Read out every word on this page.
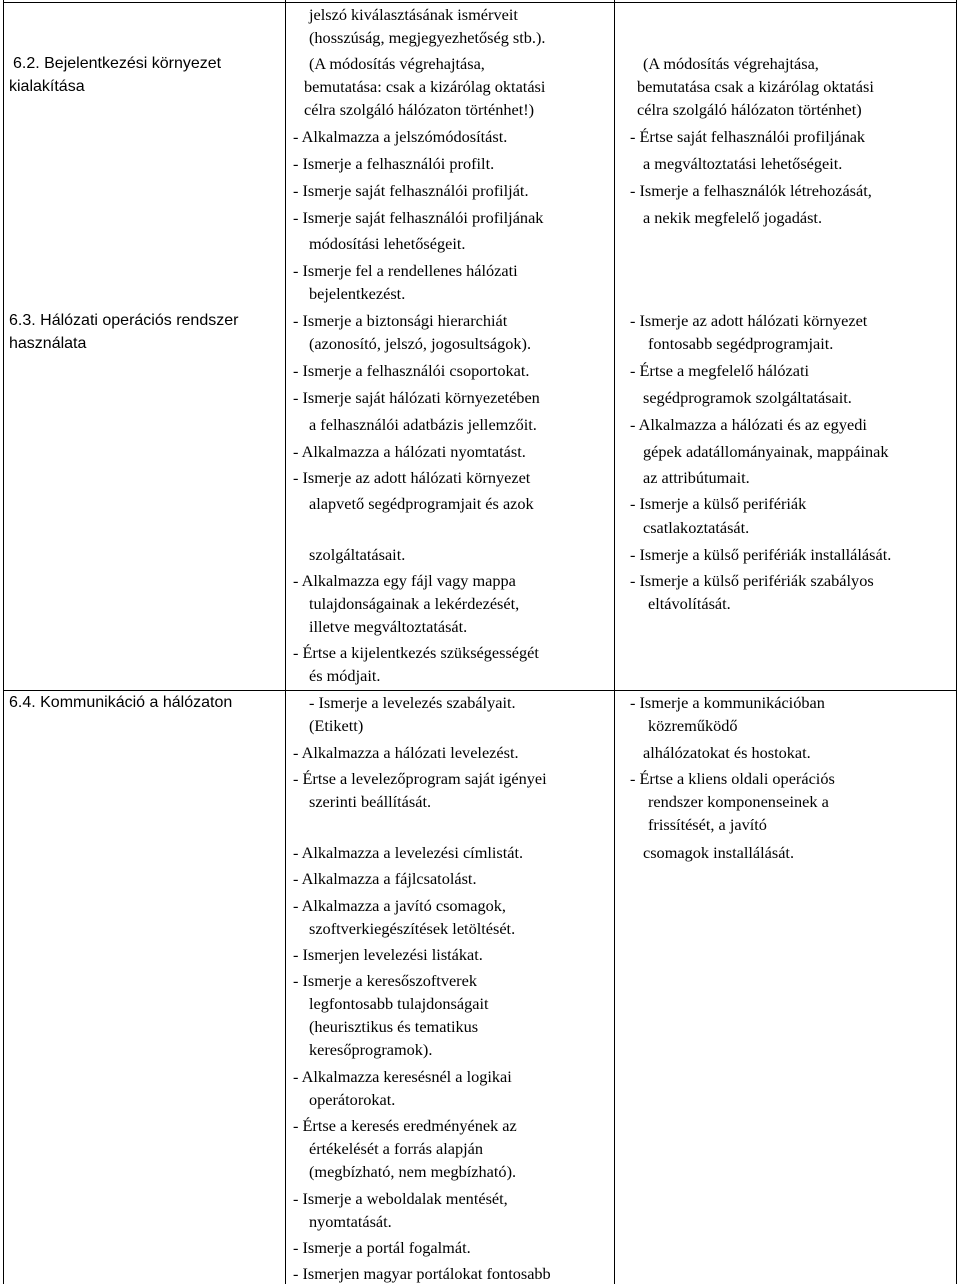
6.2. Bejelentkezési környezet
kialakítása
jelszó kiválasztásának ismérveit
(hosszúság, megjegyezhetőség stb.).
(A módosítás végrehajtása,
bemutatása: csak a kizárólag oktatási
célra szolgáló hálózaton történhet!)
- Alkalmazza a jelszómódosítást.
- Ismerje a felhasználói profilt.
- Ismerje saját felhasználói profilját.
- Ismerje saját felhasználói profiljának
módosítási lehetőségeit.
- Ismerje fel a rendellenes hálózati
bejelentkezést.
(A módosítás végrehajtása,
bemutatása csak a kizárólag oktatási
célra szolgáló hálózaton történhet)
- Értse saját felhasználói profiljának
a megváltoztatási lehetőségeit.
- Ismerje a felhasználók létrehozását,
a nekik megfelelő jogadást.
6.3. Hálózati operációs rendszer
használata
- Ismerje a biztonsági hierarchiát
(azonosító, jelszó, jogosultságok).
- Ismerje a felhasználói csoportokat.
- Ismerje saját hálózati környezetében
a felhasználói adatbázis jellemzőit.
- Alkalmazza a hálózati nyomtatást.
- Ismerje az adott hálózati környezet
alapvető segédprogramjait és azok
szolgáltatásait.
- Alkalmazza egy fájl vagy mappa
tulajdonságainak a lekérdezését,
illetve megváltoztatását.
- Értse a kijelentkezés szükségességét
és módjait.
- Ismerje az adott hálózati környezet
fontosabb segédprogramjait.
- Értse a megfelelő hálózati
segédprogramok szolgáltatásait.
- Alkalmazza a hálózati és az egyedi
gépek adatállományainak, mappáinak
az attribútumait.
- Ismerje a külső perifériák
csatlakoztatását.
- Ismerje a külső perifériák installálását.
- Ismerje a külső perifériák szabályos
eltávolítását.
6.4. Kommunikáció a hálózaton	- Ismerje a levelezés szabályait.
(Etikett)
- Alkalmazza a hálózati levelezést.
- Értse a levelezőprogram saját igényei
szerinti beállítását.
- Alkalmazza a levelezési címlistát.
- Alkalmazza a fájlcsatolást.
- Alkalmazza a javító csomagok,
szoftverkiegészítések letöltését.
- Ismerjen levelezési listákat.
- Ismerje a keresőszoftverek
legfontosabb tulajdonságait
(heurisztikus és tematikus
keresőprogramok).
- Alkalmazza keresésnél a logikai
operátorokat.
- Értse a keresés eredményének az
értékelését a forrás alapján
(megbízható, nem megbízható).
- Ismerje a weboldalak mentését,
nyomtatását.
- Ismerje a portál fogalmát.
- Ismerjen magyar portálokat fontosabb
- Ismerje a kommunikációban
közreműködő
alhálózatokat és hostokat.
- Értse a kliens oldali operációs
rendszer komponenseinek a
frissítését, a javító
csomagok installálását.
